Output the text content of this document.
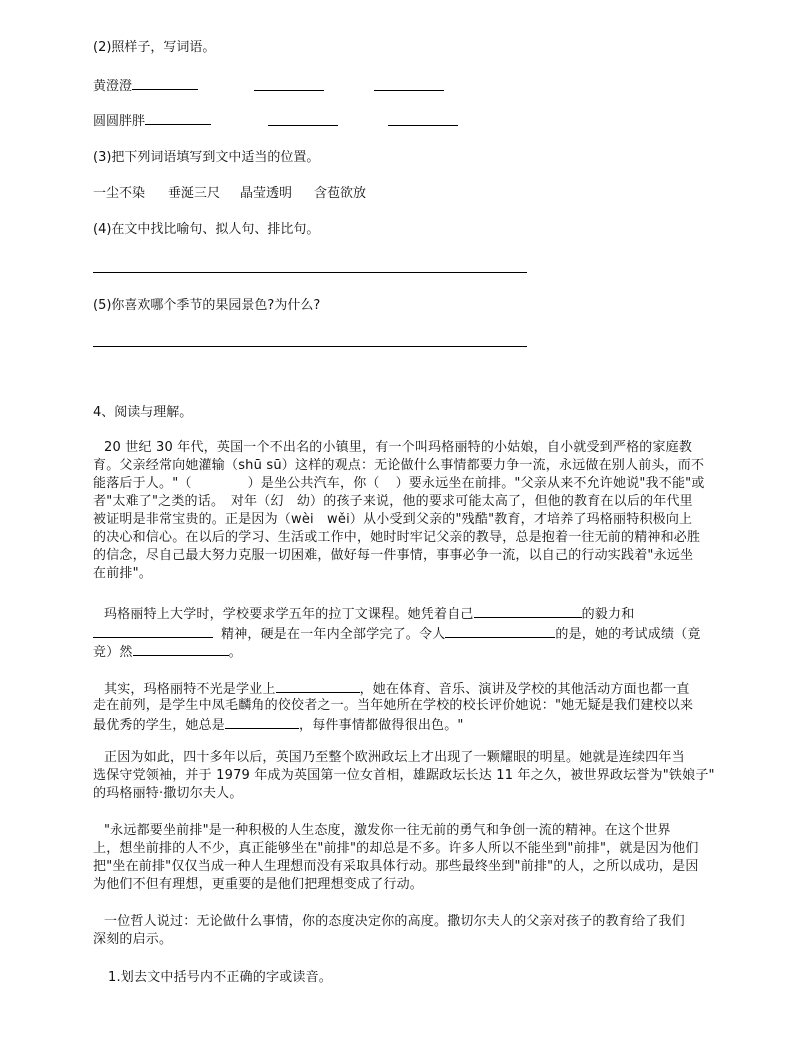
(2)照样子，写词语。
黄澄澄
圆圆胖胖
(3)把下列词语填写到文中适当的位置。
一尘不染 垂涎三尺 晶莹透明 含苞欲放
(4)在文中找比喻句、拟人句、排比句。
(5)你喜欢哪个季节的果园景色?为什么?
4、阅读与理解。
20 世纪 30 年代，英国一个不出名的小镇里，有一个叫玛格丽特的小姑娘，自小就受到严格的家庭教
育。父亲经常向她灌输（shū sū）这样的观点：无论做什么事情都要力争一流，永远做在别人前头，而不
能落后于人。"（	）是坐公共汽车，你（ ）要永远坐在前排。"父亲从来不允许她说"我不能"或
者"太难了"之类的话。　对年（幻　幼）的孩子来说，他的要求可能太高了，但他的教育在以后的年代里
被证明是非常宝贵的。正是因为（wèi　wěi）从小受到父亲的"残酷"教育，才培养了玛格丽特积极向上
的决心和信心。在以后的学习、生活或工作中，她时时牢记父亲的教导，总是抱着一往无前的精神和必胜
的信念，尽自己最大努力克服一切困难，做好每一件事情，事事必争一流，以自己的行动实践着"永远坐
在前排"。
玛格丽特上大学时，学校要求学五年的拉丁文课程。她凭着自己	的毅力和
精神，硬是在一年内全部学完了。令人	的是，她的考试成绩（竟
竞）然	。
其实，玛格丽特不光是学业上	，她在体育、音乐、演讲及学校的其他活动方面也都一直
走在前列，是学生中凤毛麟角的佼佼者之一。当年她所在学校的校长评价她说："她无疑是我们建校以来
最优秀的学生，她总是	，每件事情都做得很出色。"
正因为如此，四十多年以后，英国乃至整个欧洲政坛上才出现了一颗耀眼的明星。她就是连续四年当
选保守党领袖，并于 1979 年成为英国第一位女首相，雄踞政坛长达 11 年之久，被世界政坛誉为"铁娘子"
的玛格丽特·撒切尔夫人。
"永远都要坐前排"是一种积极的人生态度，激发你一往无前的勇气和争创一流的精神。在这个世界
上，想坐前排的人不少，真正能够坐在"前排"的却总是不多。许多人所以不能坐到"前排"，就是因为他们
把"坐在前排"仅仅当成一种人生理想而没有采取具体行动。那些最终坐到"前排"的人，之所以成功，是因
为他们不但有理想，更重要的是他们把理想变成了行动。
一位哲人说过：无论做什么事情，你的态度决定你的高度。撒切尔夫人的父亲对孩子的教育给了我们
深刻的启示。
1.划去文中括号内不正确的字或读音。
